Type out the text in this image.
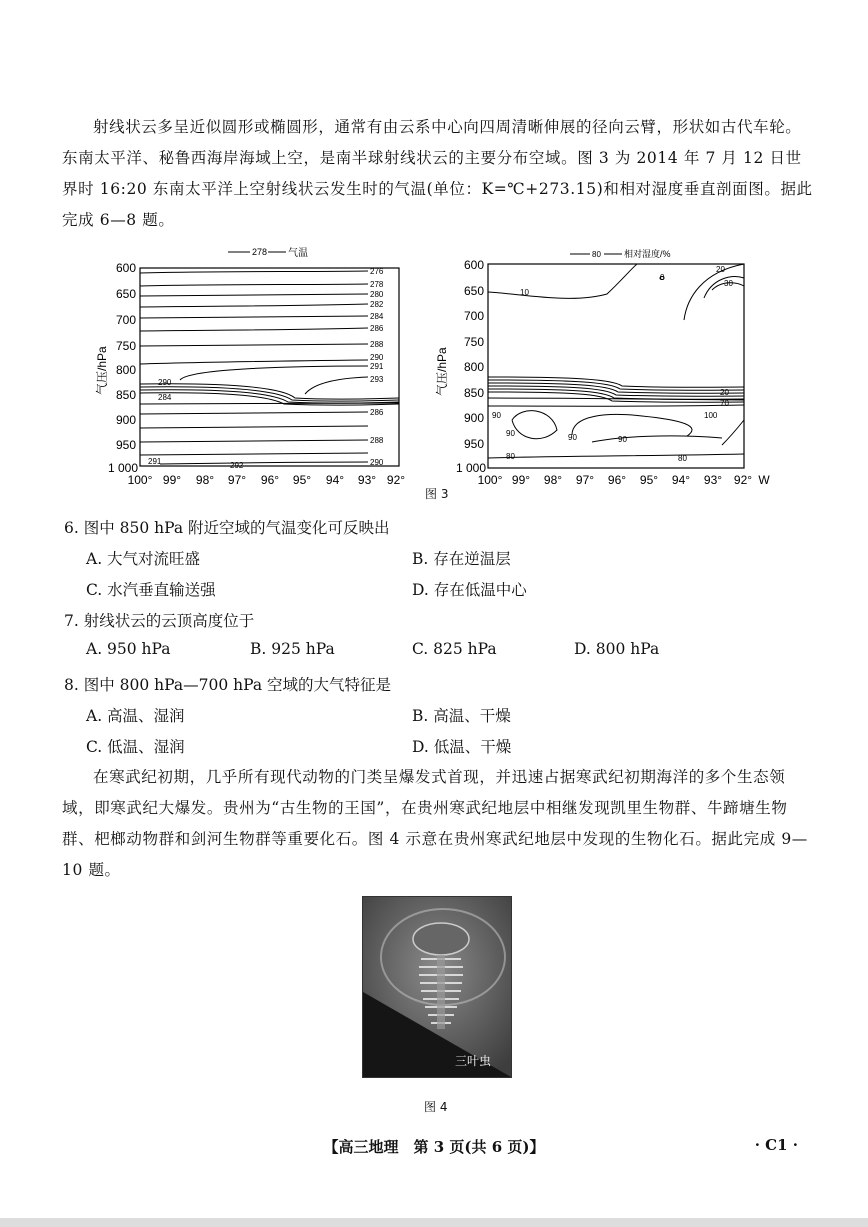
射线状云多呈近似圆形或椭圆形，通常有由云系中心向四周清晰伸展的径向云臂，形状如古代车轮。东南太平洋、秘鲁西海岸海域上空，是南半球射线状云的主要分布空域。图 3 为 2014 年 7 月 12 日世界时 16:20 东南太平洋上空射线状云发生时的气温(单位：K=℃+273.15)和相对湿度垂直剖面图。据此完成 6—8 题。

278 气温
276
278
280
282
284
286
288
290
291
293
286
288
290
290
284
291	292
600
650
700
750
800
850
900
950
1 000
气压/hPa
100° 99° 98° 97° 96° 95° 94° 93° 92°
图 3
80	相对湿度/%
10
20
30
0
20
70
100
90
90	90	90
80	80
600
650
700
750
800
850
900
950
1 000
气压/hPa
100° 99° 98° 97° 96° 95° 94° 93° 92° W

6. 图中 850 hPa 附近空域的气温变化可反映出

A. 大气对流旺盛	B. 存在逆温层

C. 水汽垂直输送强	D. 存在低温中心

7. 射线状云的云顶高度位于

A. 950 hPa	B. 925 hPa	C. 825 hPa	D. 800 hPa

8. 图中 800 hPa—700 hPa 空域的大气特征是

A. 高温、湿润	B. 高温、干燥

C. 低温、湿润	D. 低温、干燥

在寒武纪初期，几乎所有现代动物的门类呈爆发式首现，并迅速占据寒武纪初期海洋的多个生态领域，即寒武纪大爆发。贵州为“古生物的王国”，在贵州寒武纪地层中相继发现凯里生物群、牛蹄塘生物群、杷榔动物群和剑河生物群等重要化石。图 4 示意在贵州寒武纪地层中发现的生物化石。据此完成 9—10 题。

三叶虫
图 4
【高三地理　第 3 页(共 6 页)】	· C1 ·
